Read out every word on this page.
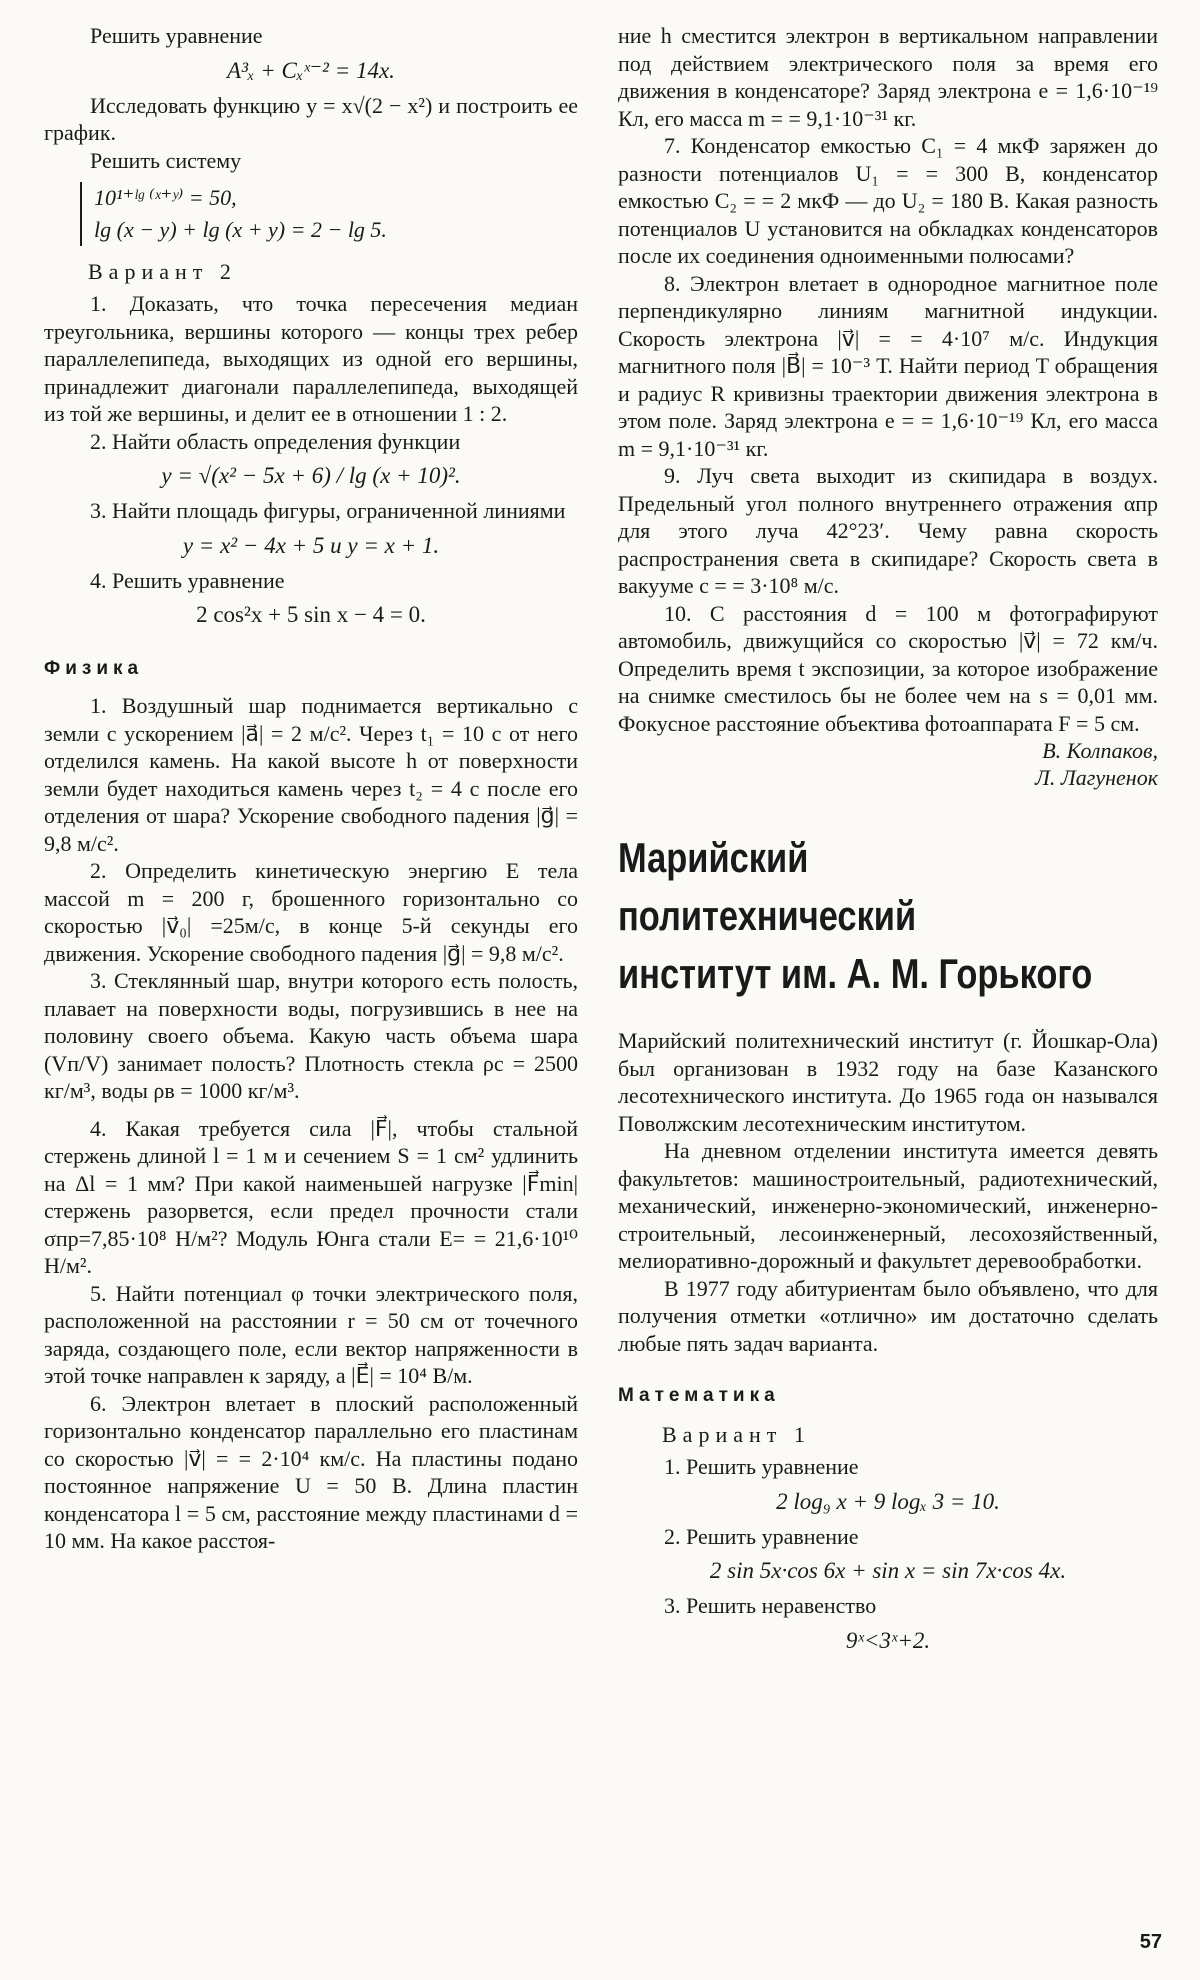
Решить уравнение

A³ₓ + Cₓˣ⁻² = 14x.

Исследовать функцию y = x√(2 − x²) и построить ее график.

Решить систему

10¹⁺ˡᵍ ⁽ˣ⁺ʸ⁾ = 50,
lg (x − y) + lg (x + y) = 2 − lg 5.
Вариант 2

1. Доказать, что точка пересечения медиан треугольника, вершины которого — концы трех ребер параллелепипеда, выходящих из одной его вершины, принадлежит диагонали параллелепипеда, выходящей из той же вершины, и делит ее в отношении 1 : 2.

2. Найти область определения функции

y = √(x² − 5x + 6) / lg (x + 10)².

3. Найти площадь фигуры, ограниченной линиями

y = x² − 4x + 5 и y = x + 1.

4. Решить уравнение

2 cos²x + 5 sin x − 4 = 0.

Физика

1. Воздушный шар поднимается вертикально с земли с ускорением |a⃗| = 2 м/с². Через t₁ = 10 с от него отделился камень. На какой высоте h от поверхности земли будет находиться камень через t₂ = 4 с после его отделения от шара? Ускорение свободного падения |g⃗| = 9,8 м/с².

2. Определить кинетическую энергию E тела массой m = 200 г, брошенного горизонтально со скоростью |v⃗₀| =25м/с, в конце 5-й секунды его движения. Ускорение свободного падения |g⃗| = 9,8 м/с².

3. Стеклянный шар, внутри которого есть полость, плавает на поверхности воды, погрузившись в нее на половину своего объема. Какую часть объема шара (Vп/V) занимает полость? Плотность стекла ρс = 2500 кг/м³, воды ρв = 1000 кг/м³.

4. Какая требуется сила |F⃗|, чтобы стальной стержень длиной l = 1 м и сечением S = 1 см² удлинить на Δl = 1 мм? При какой наименьшей нагрузке |F⃗min| стержень разорвется, если предел прочности стали σпр=7,85·10⁸ Н/м²? Модуль Юнга стали E= = 21,6·10¹⁰ Н/м².

5. Найти потенциал φ точки электрического поля, расположенной на расстоянии r = 50 см от точечного заряда, создающего поле, если вектор напряженности в этой точке направлен к заряду, а |E⃗| = 10⁴ В/м.

6. Электрон влетает в плоский расположенный горизонтально конденсатор параллельно его пластинам со скоростью |v⃗| = = 2·10⁴ км/с. На пластины подано постоянное напряжение U = 50 В. Длина пластин конденсатора l = 5 см, расстояние между пластинами d = 10 мм. На какое расстоя-

ние h сместится электрон в вертикальном направлении под действием электрического поля за время его движения в конденсаторе? Заряд электрона e = 1,6·10⁻¹⁹ Кл, его масса m = = 9,1·10⁻³¹ кг.

7. Конденсатор емкостью C₁ = 4 мкФ заряжен до разности потенциалов U₁ = = 300 В, конденсатор емкостью C₂ = = 2 мкФ — до U₂ = 180 В. Какая разность потенциалов U установится на обкладках конденсаторов после их соединения одноименными полюсами?

8. Электрон влетает в однородное магнитное поле перпендикулярно линиям магнитной индукции. Скорость электрона |v⃗| = = 4·10⁷ м/с. Индукция магнитного поля |B⃗| = 10⁻³ Т. Найти период T обращения и радиус R кривизны траектории движения электрона в этом поле. Заряд электрона e = = 1,6·10⁻¹⁹ Кл, его масса m = 9,1·10⁻³¹ кг.

9. Луч света выходит из скипидара в воздух. Предельный угол полного внутреннего отражения αпр для этого луча 42°23′. Чему равна скорость распространения света в скипидаре? Скорость света в вакууме c = = 3·10⁸ м/с.

10. С расстояния d = 100 м фотографируют автомобиль, движущийся со скоростью |v⃗| = 72 км/ч. Определить время t экспозиции, за которое изображение на снимке сместилось бы не более чем на s = 0,01 мм. Фокусное расстояние объектива фотоаппарата F = 5 см.

В. Колпаков,
Л. Лагуненок
Марийский
политехнический
институт им. А. М. Горького

Марийский политехнический институт (г. Йошкар-Ола) был организован в 1932 году на базе Казанского лесотехнического института. До 1965 года он назывался Поволжским лесотехническим институтом.

На дневном отделении института имеется девять факультетов: машиностроительный, радиотехнический, механический, инженерно-экономический, инженерно-строительный, лесоинженерный, лесохозяйственный, мелиоративно-дорожный и факультет деревообработки.

В 1977 году абитуриентам было объявлено, что для получения отметки «отлично» им достаточно сделать любые пять задач варианта.

Математика
Вариант 1

1. Решить уравнение

2 log₉ x + 9 logₓ 3 = 10.

2. Решить уравнение

2 sin 5x·cos 6x + sin x = sin 7x·cos 4x.

3. Решить неравенство

9ˣ<3ˣ+2.

57
